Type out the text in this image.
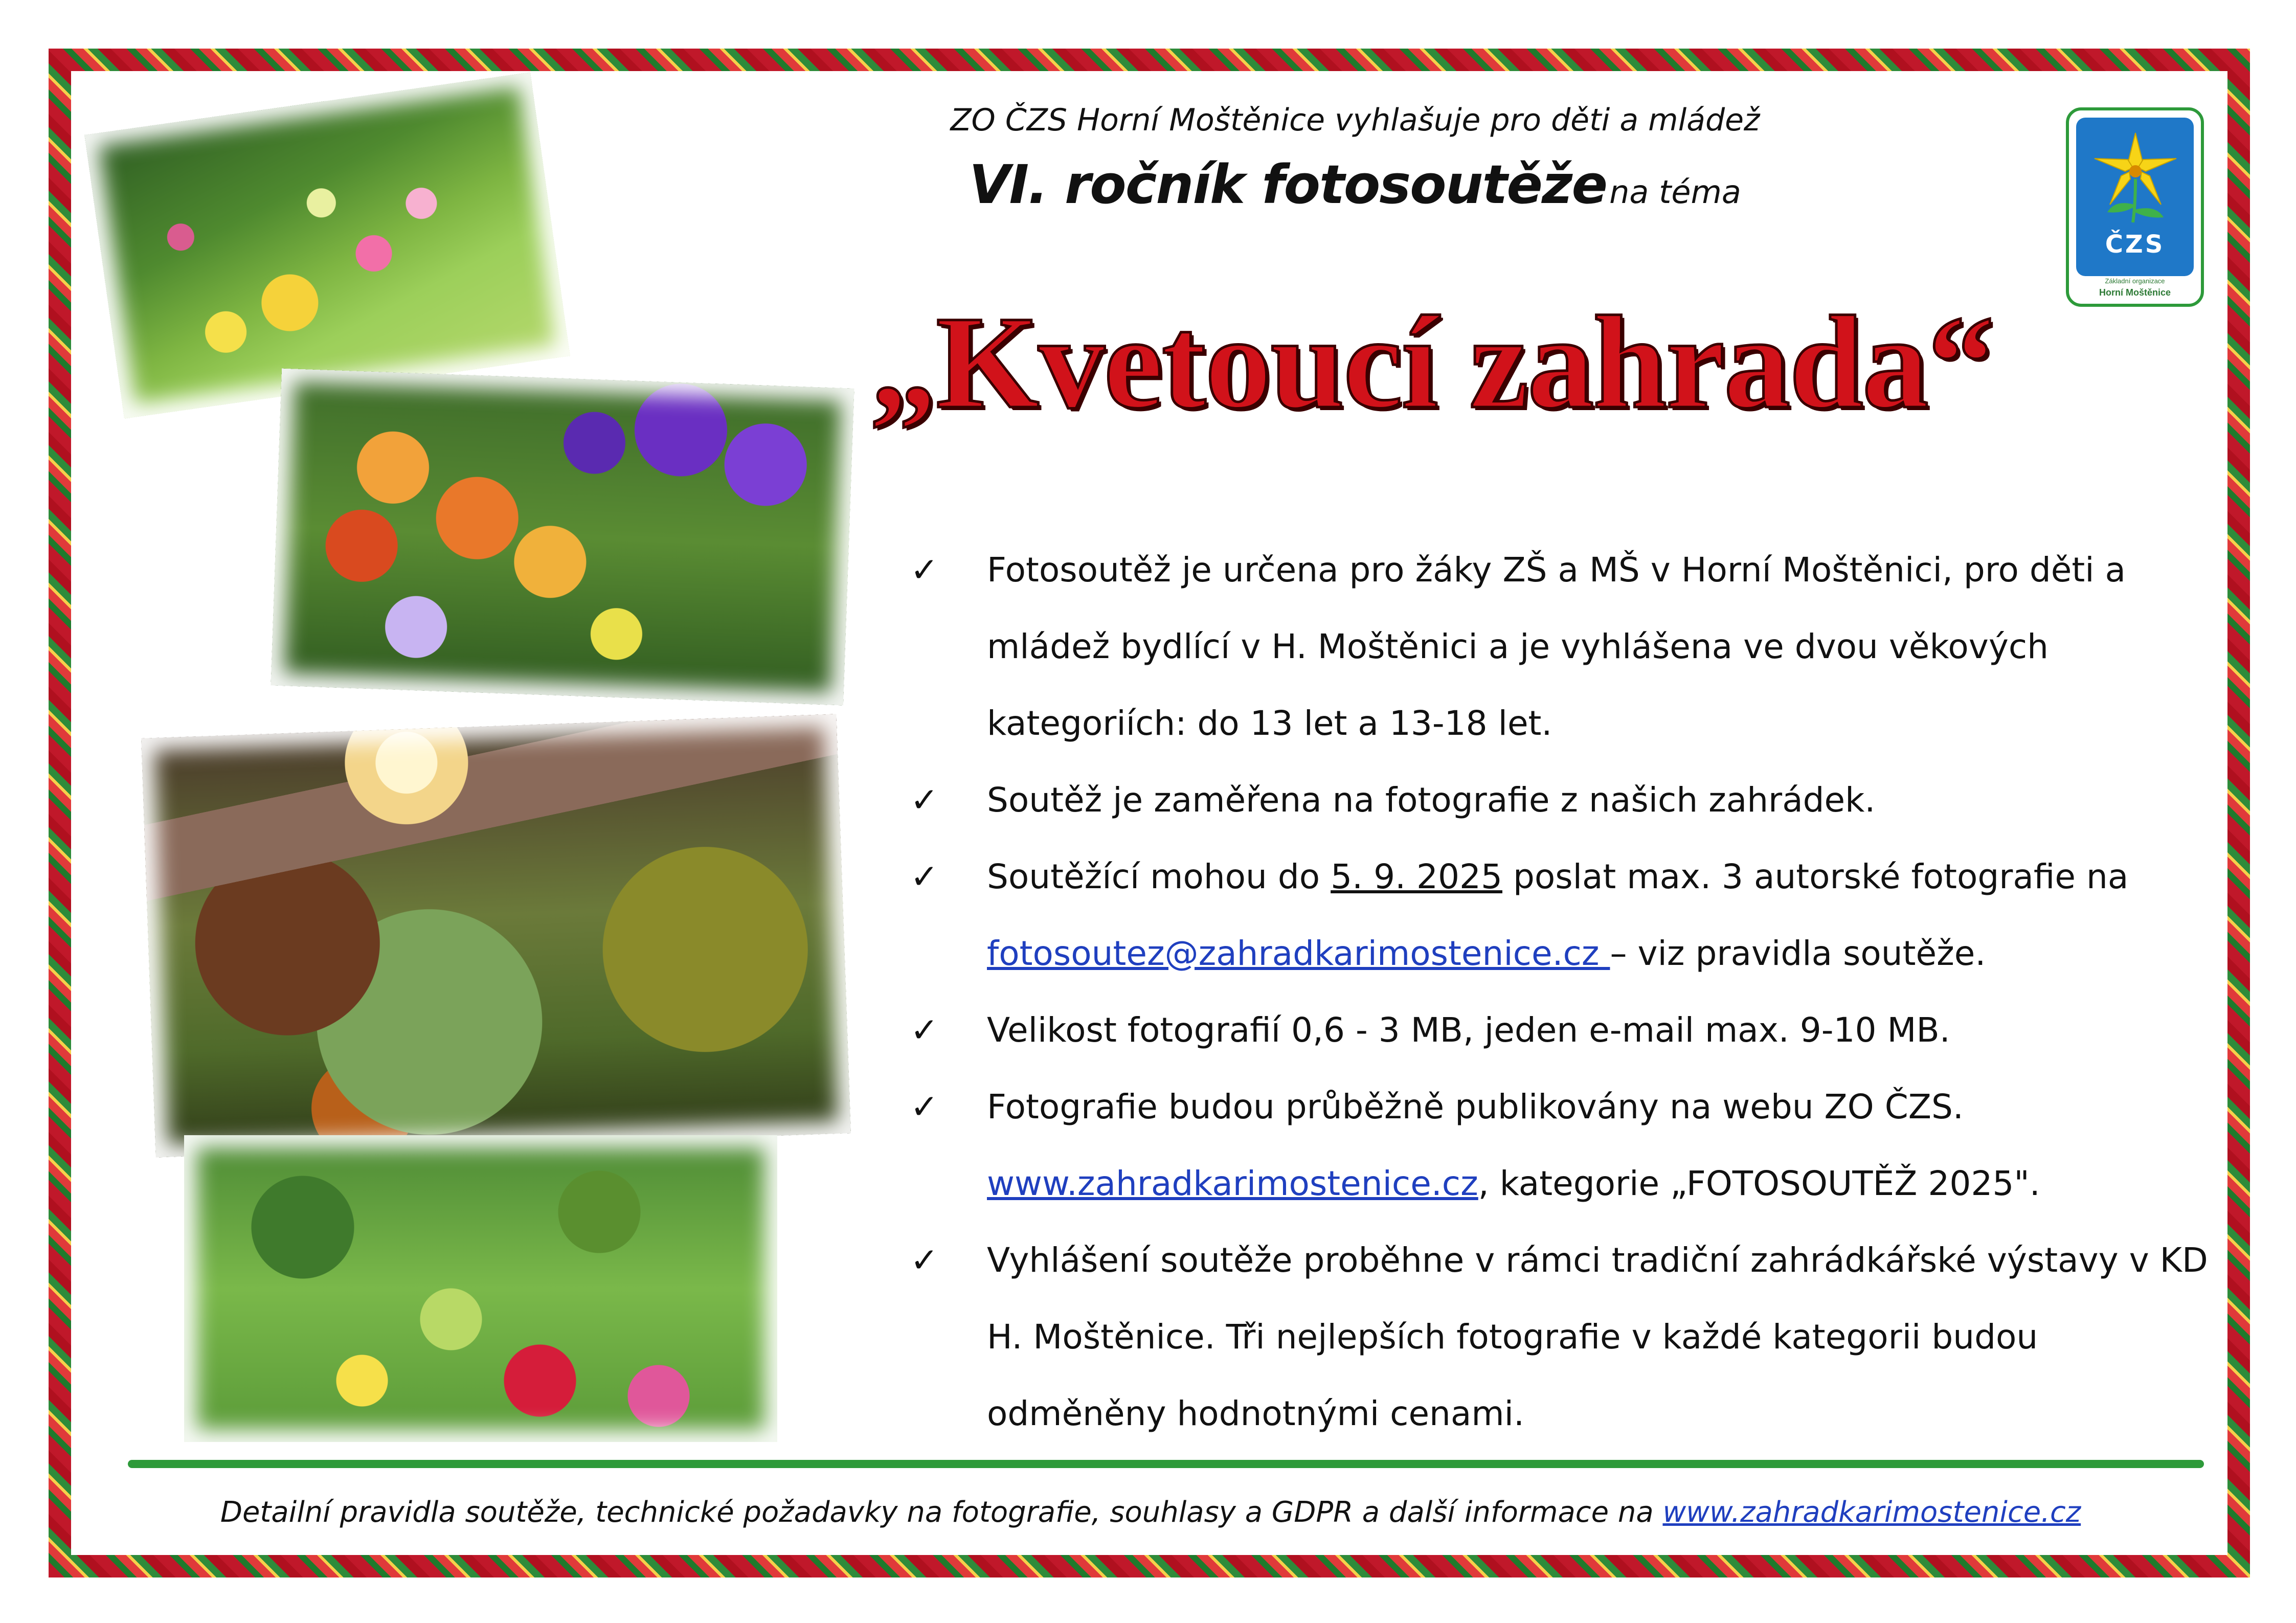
ČZS
Základní organizace
Horní Moštěnice
ZO ČZS Horní Moštěnice vyhlašuje pro děti a mládež
VI. ročník fotosoutěže na téma
„Kvetoucí zahrada“
✓ Fotosoutěž je určena pro žáky ZŠ a MŠ v Horní Moštěnici, pro děti a mládež bydlící v H. Moštěnici a je vyhlášena ve dvou věkových kategoriích: do 13 let a 13-18 let.
✓ Soutěž je zaměřena na fotografie z našich zahrádek.
✓ Soutěžící mohou do 5. 9. 2025 poslat max. 3 autorské fotografie na fotosoutez@zahradkarimostenice.cz – viz pravidla soutěže.
✓ Velikost fotografií 0,6 - 3 MB, jeden e-mail max. 9-10 MB.
✓ Fotografie budou průběžně publikovány na webu ZO ČZS.
www.zahradkarimostenice.cz, kategorie „FOTOSOUTĚŽ 2025".
✓ Vyhlášení soutěže proběhne v rámci tradiční zahrádkářské výstavy v KD H. Moštěnice. Tři nejlepších fotografie v každé kategorii budou odměněny hodnotnými cenami.
Detailní pravidla soutěže, technické požadavky na fotografie, souhlasy a GDPR a další informace na www.zahradkarimostenice.cz
